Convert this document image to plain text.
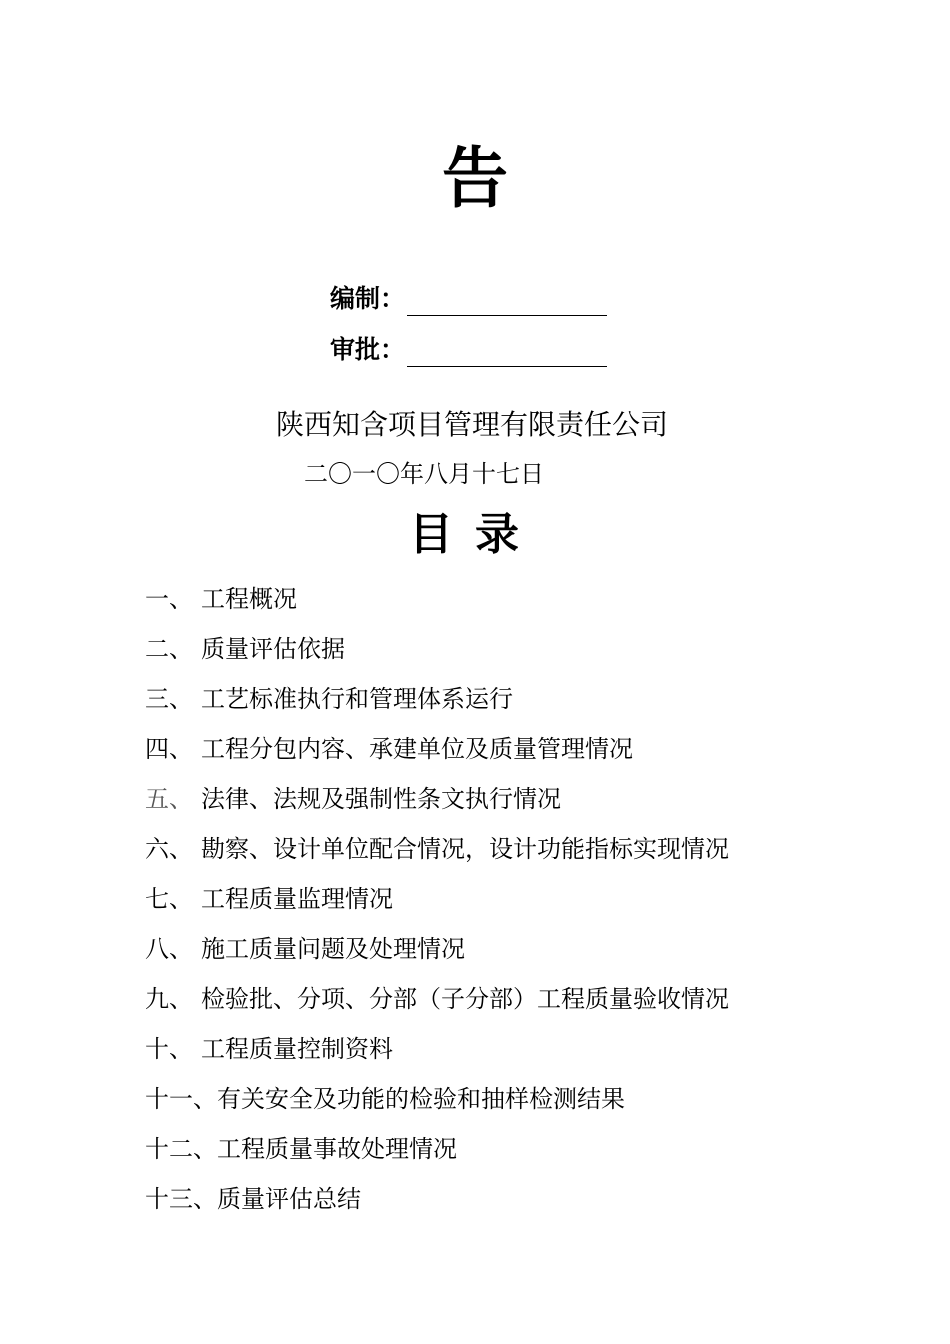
告
编制：
审批：
陕西知含项目管理有限责任公司
二〇一〇年八月十七日
目录
一、 工程概况
二、 质量评估依据
三、 工艺标准执行和管理体系运行
四、 工程分包内容、承建单位及质量管理情况
五、 法律、法规及强制性条文执行情况
六、 勘察、设计单位配合情况，设计功能指标实现情况
七、 工程质量监理情况
八、 施工质量问题及处理情况
九、 检验批、分项、分部（子分部）工程质量验收情况
十、 工程质量控制资料
十一、有关安全及功能的检验和抽样检测结果
十二、工程质量事故处理情况
十三、质量评估总结
